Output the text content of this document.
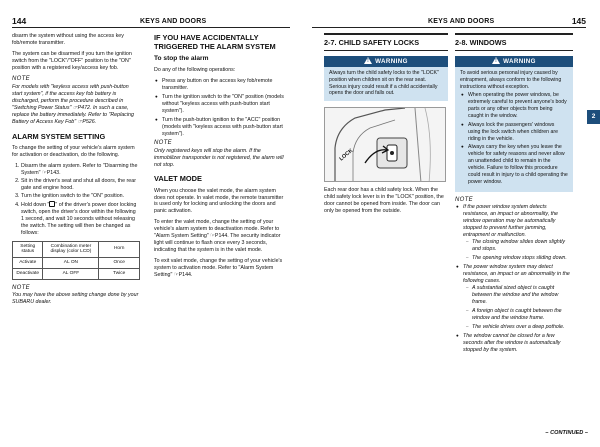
144	KEYS AND DOORS

disarm the system without using the access key fob/remote transmitter.

The system can be disarmed if you turn the ignition switch from the "LOCK"/"OFF" position to the "ON" position with a registered key/access key fob.

NOTE

For models with "keyless access with push-button start system", if the access key fob battery is discharged, perform the procedure described in "Switching Power Status" ☞P472. In such a case, replace the battery immediately. Refer to "Replacing Battery of Access Key Fob" ☞P526.

ALARM SYSTEM SETTING

To change the setting of your vehicle's alarm system for activation or deactivation, do the following.

1. Disarm the alarm system. Refer to "Disarming the System" ☞P143.
2. Sit in the driver's seat and shut all doors, the rear gate and engine hood.
3. Turn the ignition switch to the "ON" position.
4. Hold down " " of the driver's power door locking switch, open the driver's door within the following 1 second, and wait 10 seconds without releasing the switch. The setting will then be changed as follows:
Setting status	Combination meter display (color LCD)	Horn
Activate	AL ON	Once
Deactivate	AL OFF	Twice
NOTE

You may have the above setting change done by your SUBARU dealer.

IF YOU HAVE ACCIDENTALLY TRIGGERED THE ALARM SYSTEM
To stop the alarm

Do any of the following operations:

● Press any button on the access key fob/remote transmitter.
● Turn the ignition switch to the "ON" position (models without "keyless access with push-button start system").
● Turn the push-button ignition to the "ACC" position (models with "keyless access with push-button start system").
NOTE

Only registered keys will stop the alarm. If the immobilizer transponder is not registered, the alarm will not stop.

VALET MODE

When you choose the valet mode, the alarm system does not operate. In valet mode, the remote transmitter is used only for locking and unlocking the doors and panic activation.

To enter the valet mode, change the setting of your vehicle's alarm system to deactivation mode. Refer to "Alarm System Setting" ☞P144. The security indicator light will continue to flash once every 3 seconds, indicating that the system is in the valet mode.

To exit valet mode, change the setting of your vehicle's system to activation mode. Refer to "Alarm System Setting" ☞P144.

KEYS AND DOORS	145
2
2-7. CHILD SAFETY LOCKS
!WARNING
Always turn the child safety locks to the "LOCK" position when children sit on the rear seat. Serious injury could result if a child accidentally opens the door and falls out.
LOCK

Each rear door has a child safety lock. When the child safety lock lever is in the "LOCK" position, the door cannot be opened from inside. The door can only be opened from the outside.

2-8. WINDOWS
!WARNING

To avoid serious personal injury caused by entrapment, always conform to the following instructions without exception.

● When operating the power windows, be extremely careful to prevent anyone's body parts or any other objects from being caught in the window.
● Always lock the passengers' windows using the lock switch when children are riding in the vehicle.
● Always carry the key when you leave the vehicle for safety reasons and never allow an unattended child to remain in the vehicle. Failure to follow this procedure could result in injury to a child operating the power window.
NOTE
● If the power window system detects resistance, an impact or abnormality, the window operation may be automatically stopped to prevent further jamming, entrapment or malfunction.
– The closing window slides down slightly and stops.
– The opening window stops sliding down.
● The power window system may detect resistance, an impact or an abnormality in the following cases.
– A substantial sized object is caught between the window and the window frame.
– A foreign object is caught between the window and the window frame.
– The vehicle drives over a deep pothole.
● The window cannot be closed for a few seconds after the window is automatically stopped by the system.
– CONTINUED –
